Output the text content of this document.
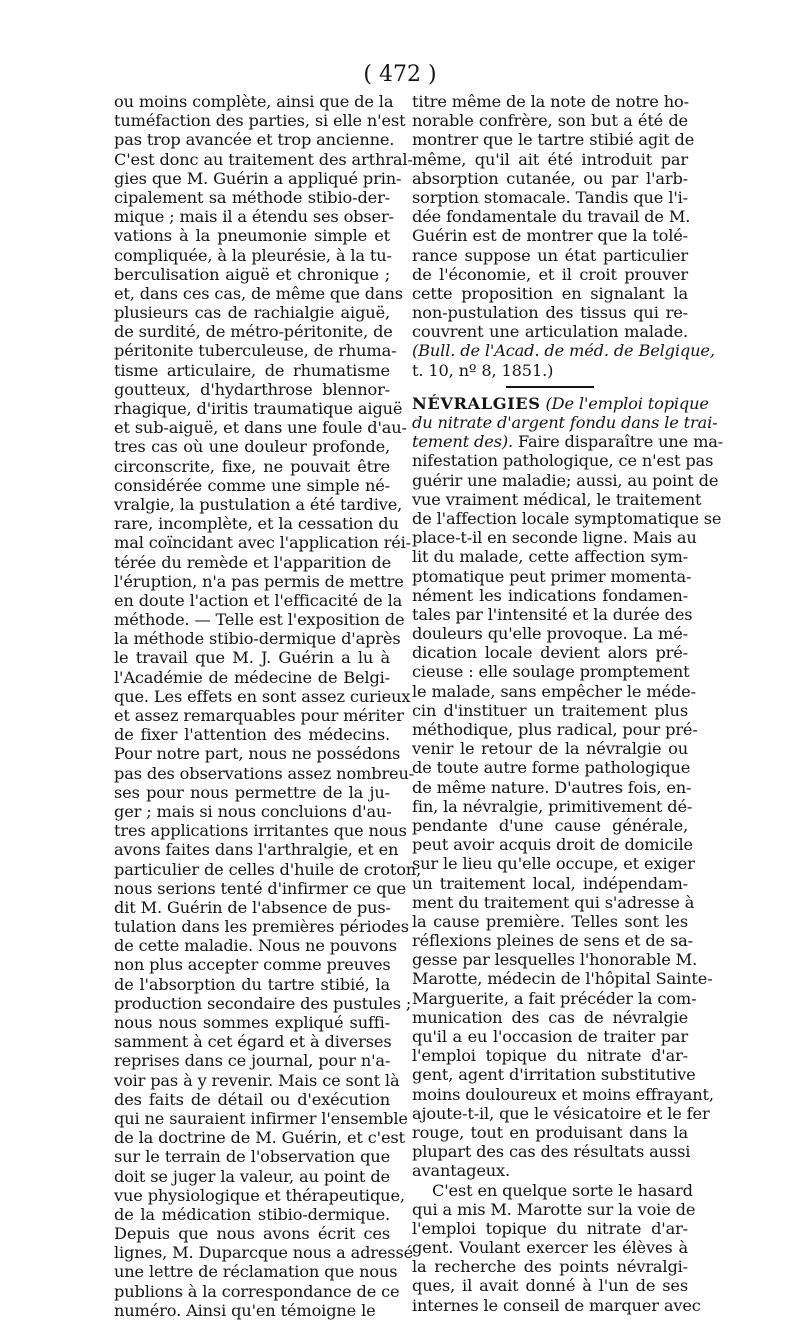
( 472 )
ou moins complète, ainsi que de la
tuméfaction des parties, si elle n'est
pas trop avancée et trop ancienne.
C'est donc au traitement des arthral-
gies que M. Guérin a appliqué prin-
cipalement sa méthode stibio-der-
mique ; mais il a étendu ses obser-
vations à la pneumonie simple et
compliquée, à la pleurésie, à la tu-
berculisation aiguë et chronique ;
et, dans ces cas, de même que dans
plusieurs cas de rachialgie aiguë,
de surdité, de métro-péritonite, de
péritonite tuberculeuse, de rhuma-
tisme articulaire, de rhumatisme
goutteux, d'hydarthrose blennor-
rhagique, d'iritis traumatique aiguë
et sub-aiguë, et dans une foule d'au-
tres cas où une douleur profonde,
circonscrite, fixe, ne pouvait être
considérée comme une simple né-
vralgie, la pustulation a été tardive,
rare, incomplète, et la cessation du
mal coïncidant avec l'application réi-
térée du remède et l'apparition de
l'éruption, n'a pas permis de mettre
en doute l'action et l'efficacité de la
méthode. — Telle est l'exposition de
la méthode stibio-dermique d'après
le travail que M. J. Guérin a lu à
l'Académie de médecine de Belgi-
que. Les effets en sont assez curieux
et assez remarquables pour mériter
de fixer l'attention des médecins.
Pour notre part, nous ne possédons
pas des observations assez nombreu-
ses pour nous permettre de la ju-
ger ; mais si nous concluions d'au-
tres applications irritantes que nous
avons faites dans l'arthralgie, et en
particulier de celles d'huile de croton,
nous serions tenté d'infirmer ce que
dit M. Guérin de l'absence de pus-
tulation dans les premières périodes
de cette maladie. Nous ne pouvons
non plus accepter comme preuves
de l'absorption du tartre stibié, la
production secondaire des pustules ;
nous nous sommes expliqué suffi-
samment à cet égard et à diverses
reprises dans ce journal, pour n'a-
voir pas à y revenir. Mais ce sont là
des faits de détail ou d'exécution
qui ne sauraient infirmer l'ensemble
de la doctrine de M. Guérin, et c'est
sur le terrain de l'observation que
doit se juger la valeur, au point de
vue physiologique et thérapeutique,
de la médication stibio-dermique.
Depuis que nous avons écrit ces
lignes, M. Duparcque nous a adressé
une lettre de réclamation que nous
publions à la correspondance de ce
numéro. Ainsi qu'en témoigne le
titre même de la note de notre ho-
norable confrère, son but a été de
montrer que le tartre stibié agit de
même, qu'il ait été introduit par
absorption cutanée, ou par l'arb-
sorption stomacale. Tandis que l'i-
dée fondamentale du travail de M.
Guérin est de montrer que la tolé-
rance suppose un état particulier
de l'économie, et il croit prouver
cette proposition en signalant la
non-pustulation des tissus qui re-
couvrent une articulation malade.
(Bull. de l'Acad. de méd. de Belgique,
t. 10, nº 8, 1851.)
NÉVRALGIES (De l'emploi topique
du nitrate d'argent fondu dans le trai-
tement des). Faire disparaître une ma-
nifestation pathologique, ce n'est pas
guérir une maladie; aussi, au point de
vue vraiment médical, le traitement
de l'affection locale symptomatique se
place-t-il en seconde ligne. Mais au
lit du malade, cette affection sym-
ptomatique peut primer momenta-
nément les indications fondamen-
tales par l'intensité et la durée des
douleurs qu'elle provoque. La mé-
dication locale devient alors pré-
cieuse : elle soulage promptement
le malade, sans empêcher le méde-
cin d'instituer un traitement plus
méthodique, plus radical, pour pré-
venir le retour de la névralgie ou
de toute autre forme pathologique
de même nature. D'autres fois, en-
fin, la névralgie, primitivement dé-
pendante d'une cause générale,
peut avoir acquis droit de domicile
sur le lieu qu'elle occupe, et exiger
un traitement local, indépendam-
ment du traitement qui s'adresse à
la cause première. Telles sont les
réflexions pleines de sens et de sa-
gesse par lesquelles l'honorable M.
Marotte, médecin de l'hôpital Sainte-
Marguerite, a fait précéder la com-
munication des cas de névralgie
qu'il a eu l'occasion de traiter par
l'emploi topique du nitrate d'ar-
gent, agent d'irritation substitutive
moins douloureux et moins effrayant,
ajoute-t-il, que le vésicatoire et le fer
rouge, tout en produisant dans la
plupart des cas des résultats aussi
avantageux.
C'est en quelque sorte le hasard
qui a mis M. Marotte sur la voie de
l'emploi topique du nitrate d'ar-
gent. Voulant exercer les élèves à
la recherche des points névralgi-
ques, il avait donné à l'un de ses
internes le conseil de marquer avec
